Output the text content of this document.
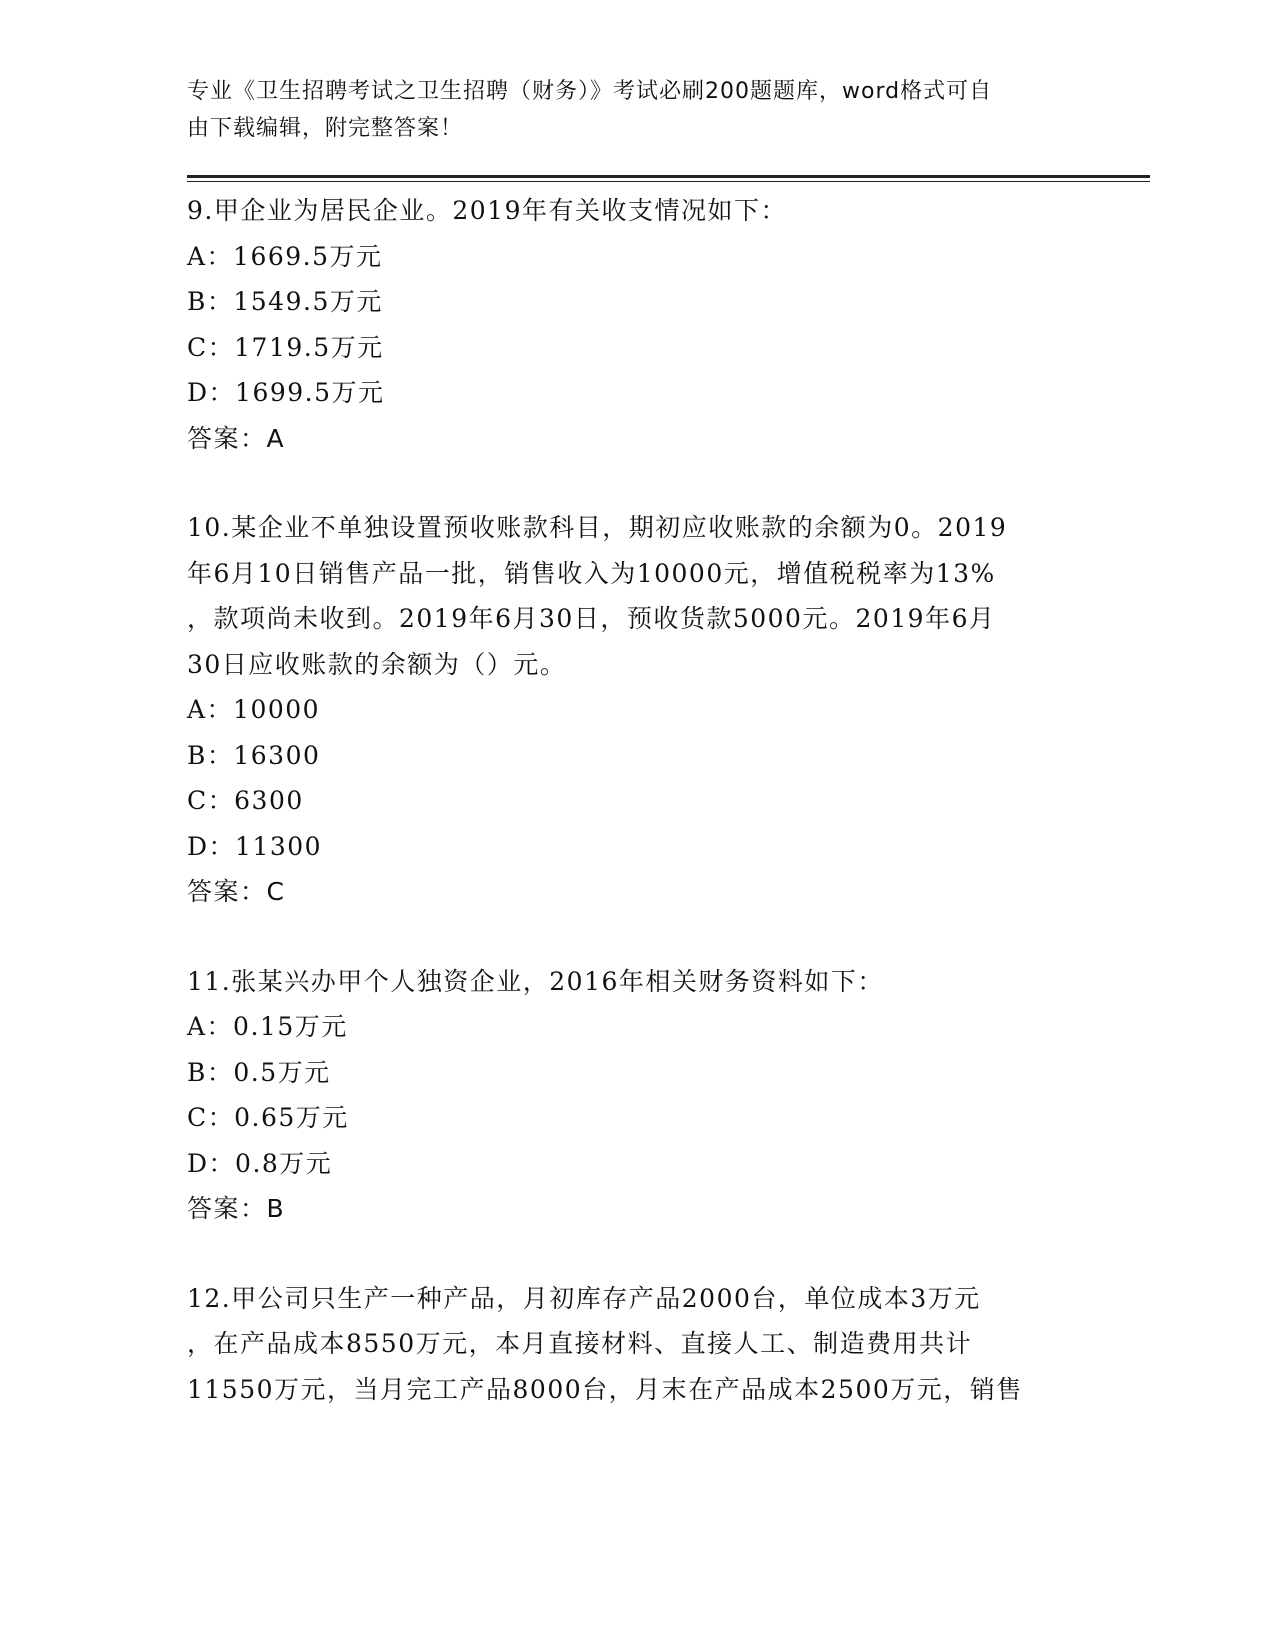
专业《卫生招聘考试之卫生招聘（财务）》考试必刷200题题库，word格式可自
由下载编辑，附完整答案！
9.甲企业为居民企业。2019年有关收支情况如下：
A：1669.5万元
B：1549.5万元
C：1719.5万元
D：1699.5万元
答案：A
10.某企业不单独设置预收账款科目，期初应收账款的余额为0。2019
年6月10日销售产品一批，销售收入为10000元，增值税税率为13%
，款项尚未收到。2019年6月30日，预收货款5000元。2019年6月
30日应收账款的余额为（）元。
A：10000
B：16300
C：6300
D：11300
答案：C
11.张某兴办甲个人独资企业，2016年相关财务资料如下：
A：0.15万元
B：0.5万元
C：0.65万元
D：0.8万元
答案：B
12.甲公司只生产一种产品，月初库存产品2000台，单位成本3万元
，在产品成本8550万元，本月直接材料、直接人工、制造费用共计
11550万元，当月完工产品8000台，月末在产品成本2500万元，销售
